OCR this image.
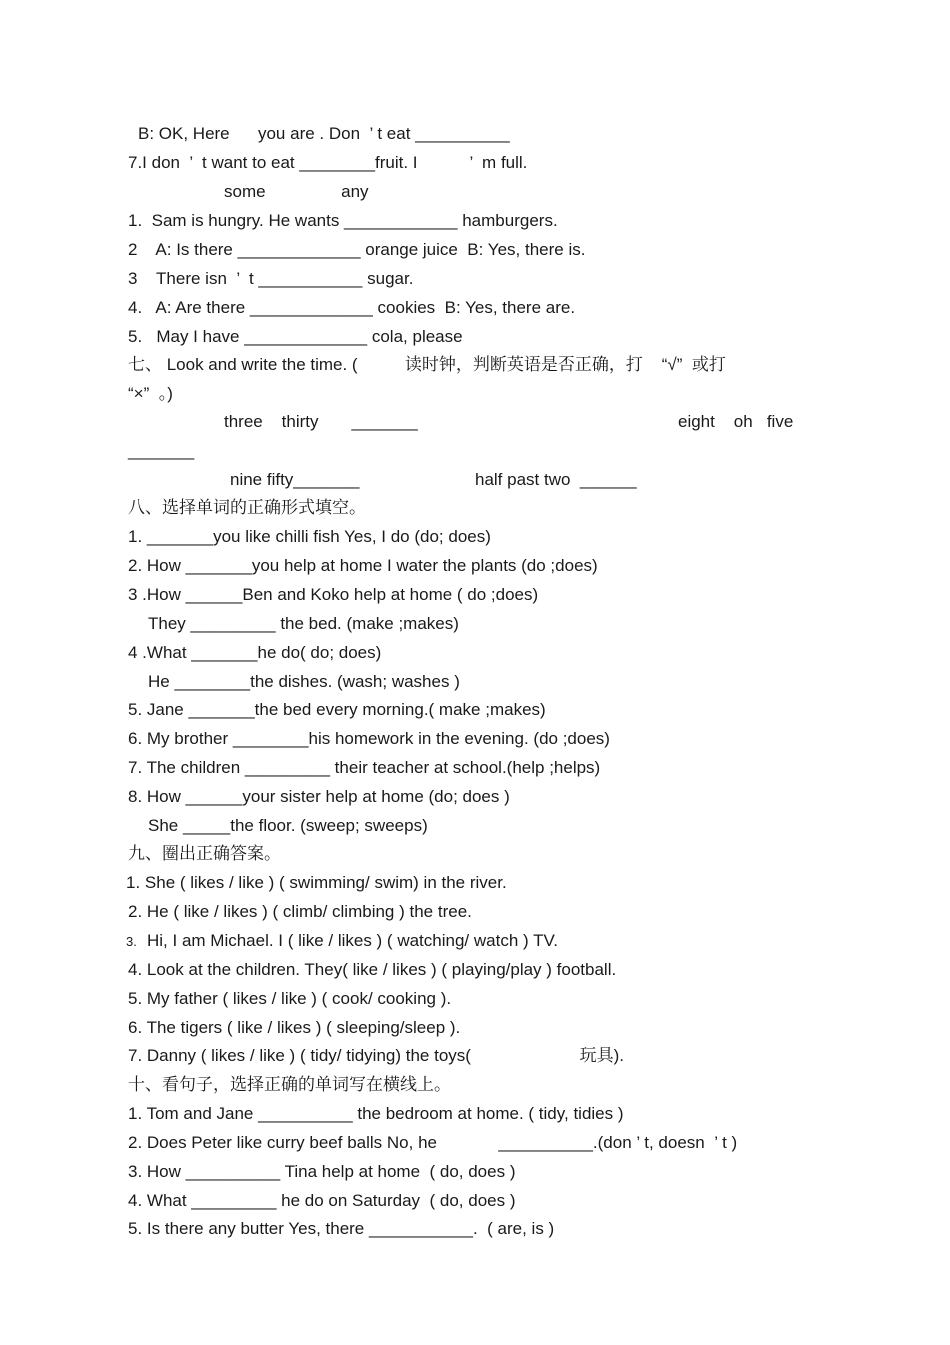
B: OK, Here      you are . Don  ’ t eat __________

7.I don  ’  t want to eat ________fruit. I           ’  m full.

some                any

1.  Sam is hungry. He wants ____________ hamburgers.

2    A: Is there _____________ orange juice  B: Yes, there is.

3    There isn  ’  t ___________ sugar.

4.   A: Are there _____________ cookies  B: Yes, there are.

5.   May I have _____________ cola, please

七、 Look and write the time. (          读时钟，判断英语是否正确，打    “√”  或打

“×”  。)

three    thirty       _______	eight    oh   five

_______

nine fifty_______	half past two  ______

八、选择单词的正确形式填空。

1. _______you like chilli fish Yes, I do (do; does)

2. How _______you help at home I water the plants (do ;does)

3 .How ______Ben and Koko help at home ( do ;does)

They _________ the bed. (make ;makes)

4 .What _______he do( do; does)

He ________the dishes. (wash; washes )

5. Jane _______the bed every morning.( make ;makes)

6. My brother ________his homework in the evening. (do ;does)

7. The children _________ their teacher at school.(help ;helps)

8. How ______your sister help at home (do; does )

She _____the floor. (sweep; sweeps)

九、圈出正确答案。

1. She ( likes / like ) ( swimming/ swim) in the river.

2. He ( like / likes ) ( climb/ climbing ) the tree.

3. Hi, I am Michael. I ( like / likes ) ( watching/ watch ) TV.

4. Look at the children. They( like / likes ) ( playing/play ) football.

5. My father ( likes / like ) ( cook/ cooking ).

6. The tigers ( like / likes ) ( sleeping/sleep ).

7. Danny ( likes / like ) ( tidy/ tidying) the toys(                       玩具).

十、看句子，选择正确的单词写在横线上。

1. Tom and Jane __________ the bedroom at home. ( tidy, tidies )

2. Does Peter like curry beef balls No, he             __________.(don ’ t, doesn  ’ t )

3. How __________ Tina help at home  ( do, does )

4. What _________ he do on Saturday  ( do, does )

5. Is there any butter Yes, there ___________.  ( are, is )
